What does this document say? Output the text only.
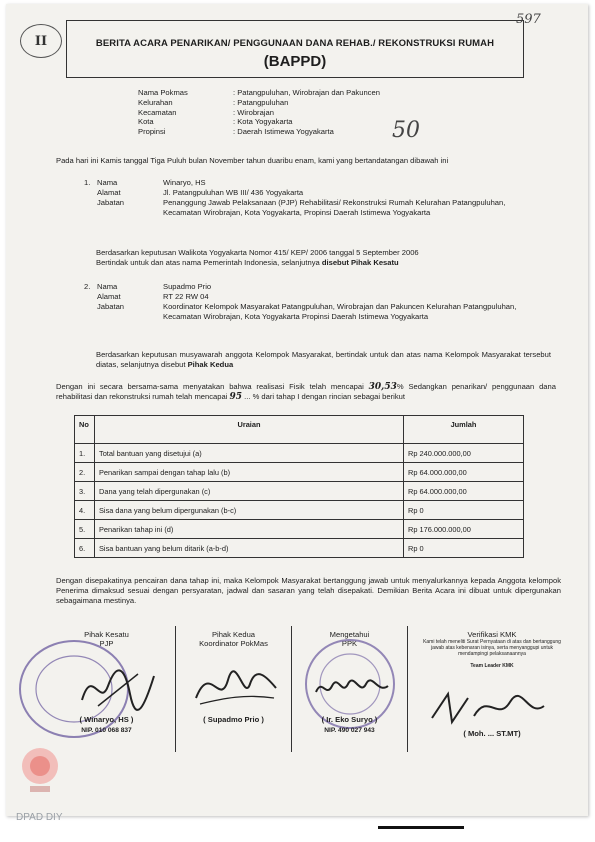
II	BERITA ACARA PENARIKAN/ PENGGUNAAN DANA REHAB./ REKONSTRUKSI RUMAH
(BAPPD)
597
50
Nama Pokmas	: Patangpuluhan, Wirobrajan dan Pakuncen
Kelurahan	: Patangpuluhan
Kecamatan	: Wirobrajan
Kota	: Kota Yogyakarta
Propinsi	: Daerah Istimewa Yogyakarta
Pada hari ini Kamis tanggal Tiga Puluh bulan November tahun duaribu enam, kami yang bertandatangan dibawah ini
1. Nama	Winaryo, HS
Alamat	Jl. Patangpuluhan WB III/ 436 Yogyakarta
Jabatan	Penanggung Jawab Pelaksanaan (PJP) Rehabilitasi/ Rekonstruksi Rumah Kelurahan Patangpuluhan, Kecamatan Wirobrajan, Kota Yogyakarta, Propinsi Daerah Istimewa Yogyakarta
Berdasarkan keputusan Walikota Yogyakarta Nomor 415/ KEP/ 2006 tanggal 5 September 2006
Bertindak untuk dan atas nama Pemerintah Indonesia, selanjutnya disebut Pihak Kesatu
2. Nama	Supadmo Prio
Alamat	RT 22 RW 04
Jabatan	Koordinator Kelompok Masyarakat Patangpuluhan, Wirobrajan dan Pakuncen Kelurahan Patangpuluhan, Kecamatan Wirobrajan, Kota Yogyakarta Propinsi Daerah Istimewa Yogyakarta
Berdasarkan keputusan musyawarah anggota Kelompok Masyarakat, bertindak untuk dan atas nama Kelompok Masyarakat tersebut diatas, selanjutnya disebut Pihak Kedua
Dengan ini secara bersama-sama menyatakan bahwa realisasi Fisik telah mencapai 30,53% Sedangkan penarikan/ penggunaan dana rehabilitasi dan rekonstruksi rumah telah mencapai 95 ... % dari tahap I dengan rincian sebagai berikut
No	Uraian	Jumlah
1.	Total bantuan yang disetujui (a)	Rp 240.000.000,00
2.	Penarikan sampai dengan tahap lalu (b)	Rp 64.000.000,00
3.	Dana yang telah dipergunakan (c)	Rp 64.000.000,00
4.	Sisa dana yang belum dipergunakan (b-c)	Rp 0
5.	Penarikan tahap ini (d)	Rp 176.000.000,00
6.	Sisa bantuan yang belum ditarik (a-b-d)	Rp 0
Dengan disepakatinya pencairan dana tahap ini, maka Kelompok Masyarakat bertanggung jawab untuk menyalurkannya kepada Anggota kelompok Penerima dimaksud sesuai dengan persyaratan, jadwal dan sasaran yang telah disepakati. Demikian Berita Acara ini dibuat untuk dipergunakan sebagaimana mestinya.
Pihak Kesatu
PJP
( Winaryo, HS )
NIP. 010 068 837
Pihak Kedua
Koordinator PokMas
( Supadmo Prio )
Mengetahui
PPK
( Ir. Eko Suryo )
NIP. 490 027 943
Verifikasi KMK
Kami telah meneliti Surat Pernyataan di atas dan bertanggung jawab atas kebenaran isinya, serta menyanggupi untuk mendampingi pelaksanaannya
Team Leader KMK
( Moh. ... ST.MT)
DPAD DIY
